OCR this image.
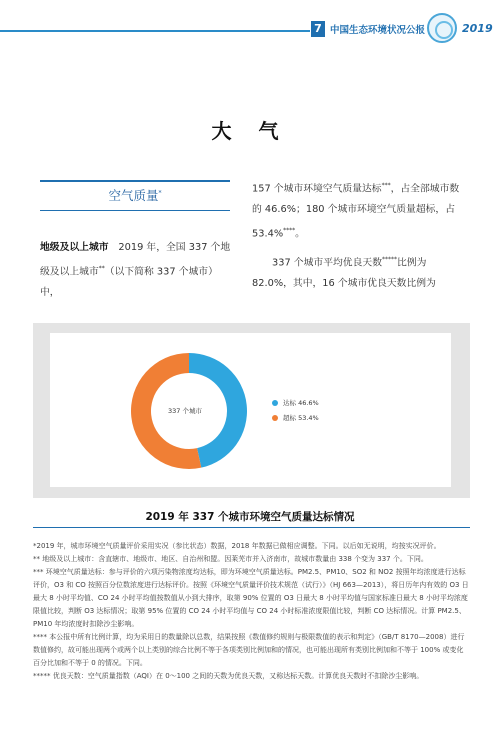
7 中国生态环境状况公报	2019
大 气
空气质量*
地级及以上城市　2019 年，全国 337 个地级及以上城市**（以下简称 337 个城市）中，
157 个城市环境空气质量达标***，占全部城市数的 46.6%；180 个城市环境空气质量超标，占 53.4%****。
337 个城市平均优良天数*****比例为 82.0%，其中，16 个城市优良天数比例为
337 个城市
达标 46.6%
超标 53.4%
2019 年 337 个城市环境空气质量达标情况

*2019 年，城市环境空气质量评价采用实况（参比状态）数据，2018 年数据已做相应调整。下同。以后如无说明，均按实况评价。

** 地级及以上城市：含直辖市、地级市、地区、自治州和盟。因莱芜市并入济南市，故城市数量由 338 个变为 337 个。下同。

*** 环境空气质量达标：参与评价的六项污染物浓度均达标，即为环境空气质量达标。PM2.5、PM10、SO2 和 NO2 按照年均浓度进行达标评价，O3 和 CO 按照百分位数浓度进行达标评价。按照《环境空气质量评价技术规范（试行）》（HJ 663—2013），将日历年内有效的 O3 日最大 8 小时平均值、CO 24 小时平均值按数值从小到大排序，取第 90% 位置的 O3 日最大 8 小时平均值与国家标准日最大 8 小时平均浓度限值比较，判断 O3 达标情况；取第 95% 位置的 CO 24 小时平均值与 CO 24 小时标准浓度限值比较，判断 CO 达标情况。计算 PM2.5、PM10 年均浓度时扣除沙尘影响。

**** 本公报中所有比例计算，均为采用日的数量除以总数，结果按照《数值修约规则与极限数值的表示和判定》（GB/T 8170—2008）进行数值修约，故可能出现两个或两个以上类别的综合比例不等于各项类别比例加和的情况，也可能出现所有类别比例加和不等于 100% 或变化百分比加和不等于 0 的情况。下同。

***** 优良天数：空气质量指数（AQI）在 0～100 之间的天数为优良天数，又称达标天数。计算优良天数时不扣除沙尘影响。
